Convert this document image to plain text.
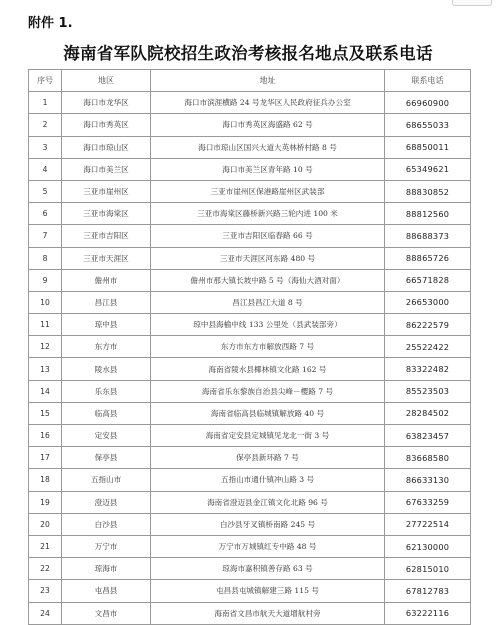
附件 1.
海南省军队院校招生政治考核报名地点及联系电话
序号	地区	地址	联系电话
1	海口市龙华区	海口市滨涯横路 24 号龙华区人民政府征兵办公室	66960900
2	海口市秀英区	海口市秀英区海盛路 62 号	68655033
3	海口市琼山区	海口市琼山区国兴大道大英林桥村路 8 号	68850011
4	海口市美兰区	海口市美兰区青年路 10 号	65349621
5	三亚市崖州区	三亚市崖州区保港路崖州区武装部	88830852
6	三亚市海棠区	三亚市海棠区藤桥新兴路三轮内进 100 米	88812560
7	三亚市吉阳区	三亚市吉阳区临春路 66 号	88688373
8	三亚市天涯区	三亚市天涯区河东路 480 号	88865726
9	儋州市	儋州市那大镇长坡中路 5 号（海仙大酒对面）	66571828
10	昌江县	昌江县昌江大道 8 号	26653000
11	琼中县	琼中县海榆中线 133 公里处（县武装部旁）	86222579
12	东方市	东方市东方市解放西路 7 号	25522422
13	陵水县	海南省陵水县椰林镇文化路 162 号	83322482
14	乐东县	海南省乐东黎族自治县尖峰－樱路 7 号	85523503
15	临高县	海南省临高县临城镇解放路 40 号	28284502
16	定安县	海南省定安县定城镇见龙北一街 3 号	63823457
17	保亭县	保亭县新环路 7 号	83668580
18	五指山市	五指山市通什镇冲山路 3 号	86633130
19	澄迈县	海南省澄迈县金江镇文化北路 96 号	67633259
20	白沙县	白沙县牙叉镇桥南路 245 号	27722514
21	万宁市	万宁市万城镇红专中路 48 号	62130000
22	琼海市	琼海市嘉积镇善存路 63 号	62815010
23	屯昌县	屯昌县屯城镇解建三路 115 号	67812783
24	文昌市	海南省文昌市航天大道增航村旁	63222116
